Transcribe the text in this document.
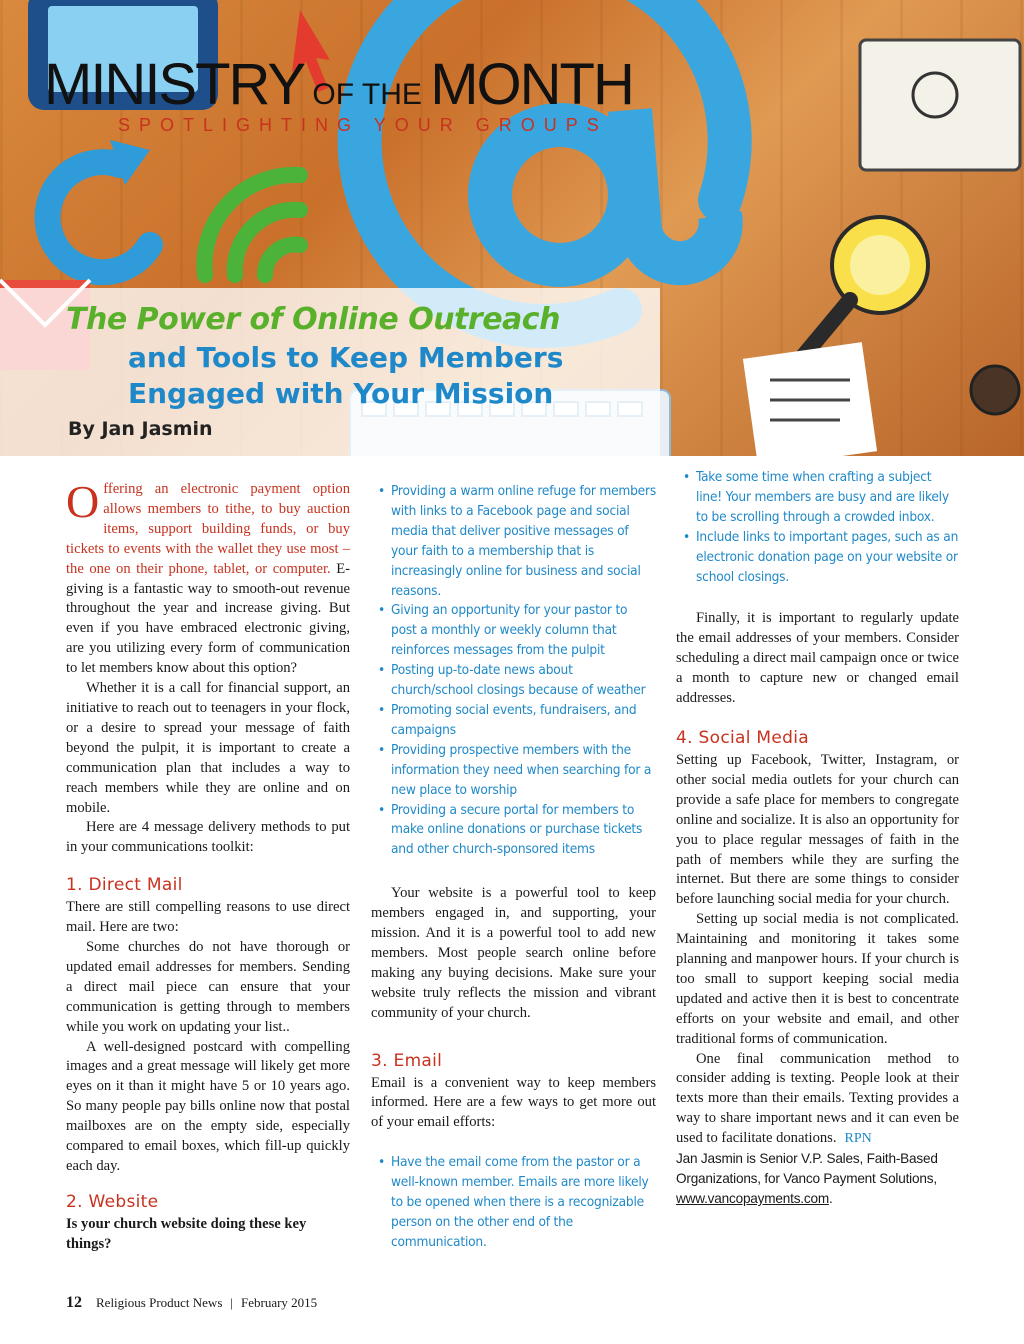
MINISTRY OF THE MONTH
SPOTLIGHTING YOUR GROUPS
The Power of Online Outreach
and Tools to Keep Members Engaged with Your Mission
By Jan Jasmin

Offering an electronic payment option allows members to tithe, to buy auction items, support building funds, or buy tickets to events with the wallet they use most – the one on their phone, tablet, or computer. E-giving is a fantastic way to smooth-out revenue throughout the year and increase giving. But even if you have embraced electronic giving, are you utilizing every form of communication to let members know about this option?

Whether it is a call for financial support, an initiative to reach out to teenagers in your flock, or a desire to spread your message of faith beyond the pulpit, it is important to create a communication plan that includes a way to reach members while they are online and on mobile.

Here are 4 message delivery methods to put in your communications toolkit:

1. Direct Mail

There are still compelling reasons to use direct mail. Here are two:

Some churches do not have thorough or updated email addresses for members. Sending a direct mail piece can ensure that your communication is getting through to members while you work on updating your list..

A well-designed postcard with compelling images and a great message will likely get more eyes on it than it might have 5 or 10 years ago. So many people pay bills online now that postal mailboxes are on the empty side, especially compared to email boxes, which fill-up quickly each day.

2. Website

Is your church website doing these key things?

• Providing a warm online refuge for members with links to a Facebook page and social media that deliver positive messages of your faith to a membership that is increasingly online for business and social reasons.
• Giving an opportunity for your pastor to post a monthly or weekly column that reinforces messages from the pulpit
• Posting up-to-date news about church/school closings because of weather
• Promoting social events, fundraisers, and campaigns
• Providing prospective members with the information they need when searching for a new place to worship
• Providing a secure portal for members to make online donations or purchase tickets and other church-sponsored items

Your website is a powerful tool to keep members engaged in, and supporting, your mission. And it is a powerful tool to add new members. Most people search online before making any buying decisions. Make sure your website truly reflects the mission and vibrant community of your church.

3. Email

Email is a convenient way to keep members informed. Here are a few ways to get more out of your email efforts:

• Have the email come from the pastor or a well-known member. Emails are more likely to be opened when there is a recognizable person on the other end of the communication.
• Take some time when crafting a subject line! Your members are busy and are likely to be scrolling through a crowded inbox.
• Include links to important pages, such as an electronic donation page on your website or school closings.

Finally, it is important to regularly update the email addresses of your members. Consider scheduling a direct mail campaign once or twice a month to capture new or changed email addresses.

4. Social Media

Setting up Facebook, Twitter, Instagram, or other social media outlets for your church can provide a safe place for members to congregate online and socialize. It is also an opportunity for you to place regular messages of faith in the path of members while they are surfing the internet. But there are some things to consider before launching social media for your church.

Setting up social media is not complicated. Maintaining and monitoring it takes some planning and manpower hours. If your church is too small to support keeping social media updated and active then it is best to concentrate efforts on your website and email, and other traditional forms of communication.

One final communication method to consider adding is texting. People look at their texts more than their emails. Texting provides a way to share important news and it can even be used to facilitate donations. RPN

Jan Jasmin is Senior V.P. Sales, Faith-Based Organizations, for Vanco Payment Solutions, www.vancopayments.com.

12 Religious Product News | February 2015
